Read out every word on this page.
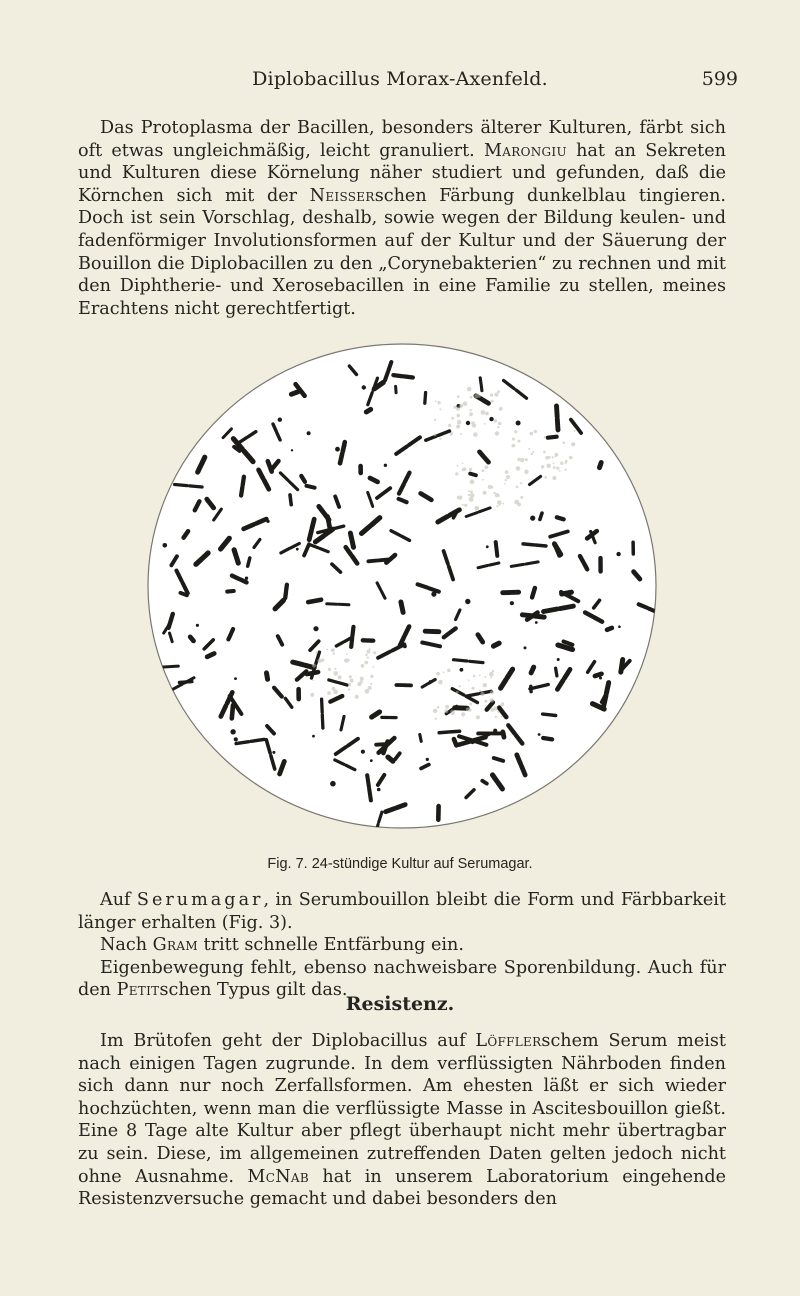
Diplobacillus Morax-Axenfeld.	599

Das Protoplasma der Bacillen, besonders älterer Kulturen, färbt sich oft etwas ungleichmäßig, leicht granuliert. Marongiu hat an Sekreten und Kulturen diese Körnelung näher studiert und gefunden, daß die Körnchen sich mit der Neisserschen Färbung dunkelblau tingieren. Doch ist sein Vorschlag, deshalb, sowie wegen der Bildung keulen- und fadenförmiger Involutionsformen auf der Kultur und der Säuerung der Bouillon die Diplobacillen zu den „Corynebakterien“ zu rechnen und mit den Diphtherie- und Xerosebacillen in eine Familie zu stellen, meines Erachtens nicht gerechtfertigt.

Fig. 7. 24-stündige Kultur auf Serumagar.

Auf Serumagar, in Serumbouillon bleibt die Form und Färbbarkeit länger erhalten (Fig. 3).

Nach Gram tritt schnelle Entfärbung ein.

Eigenbewegung fehlt, ebenso nachweisbare Sporenbildung. Auch für den Petitschen Typus gilt das.

Resistenz.

Im Brütofen geht der Diplobacillus auf Löfflerschem Serum meist nach einigen Tagen zugrunde. In dem verflüssigten Nährboden finden sich dann nur noch Zerfallsformen. Am ehesten läßt er sich wieder hochzüchten, wenn man die verflüssigte Masse in Ascitesbouillon gießt. Eine 8 Tage alte Kultur aber pflegt überhaupt nicht mehr übertragbar zu sein. Diese, im allgemeinen zutreffenden Daten gelten jedoch nicht ohne Ausnahme. McNab hat in unserem Laboratorium eingehende Resistenzversuche gemacht und dabei besonders den
